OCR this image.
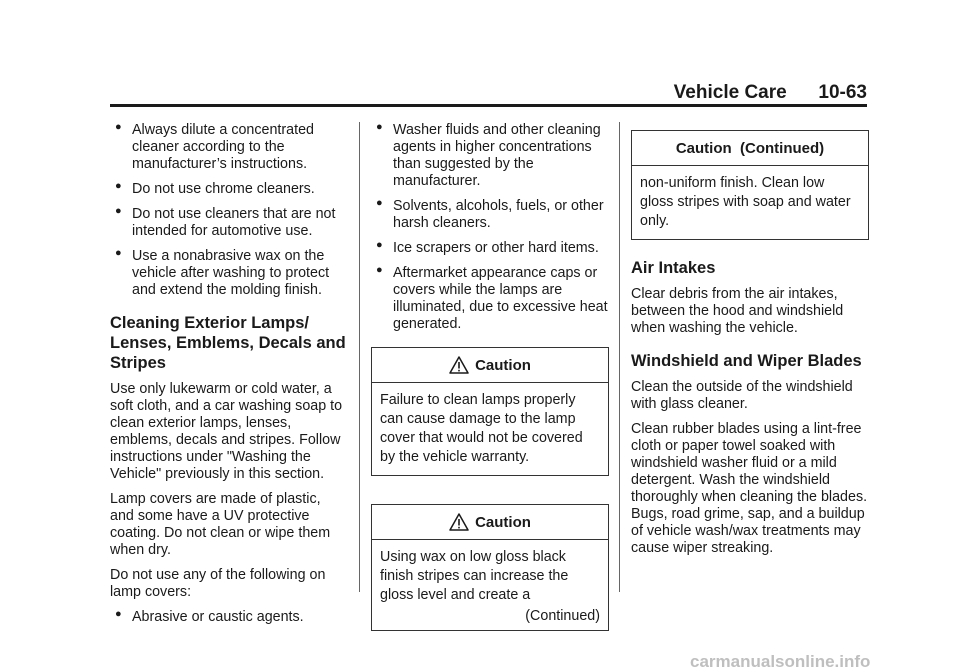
Vehicle Care 10-63
● Always dilute a concentrated cleaner according to the manufacturer’s instructions.
● Do not use chrome cleaners.
● Do not use cleaners that are not intended for automotive use.
● Use a nonabrasive wax on the vehicle after washing to protect and extend the molding finish.
Cleaning Exterior Lamps/ Lenses, Emblems, Decals and Stripes

Use only lukewarm or cold water, a soft cloth, and a car washing soap to clean exterior lamps, lenses, emblems, decals and stripes. Follow instructions under "Washing the Vehicle" previously in this section.

Lamp covers are made of plastic, and some have a UV protective coating. Do not clean or wipe them when dry.

Do not use any of the following on lamp covers:

● Abrasive or caustic agents.
● Washer fluids and other cleaning agents in higher concentrations than suggested by the manufacturer.
● Solvents, alcohols, fuels, or other harsh cleaners.
● Ice scrapers or other hard items.
● Aftermarket appearance caps or covers while the lamps are illuminated, due to excessive heat generated.
Caution
Failure to clean lamps properly can cause damage to the lamp cover that would not be covered by the vehicle warranty.
Caution
Using wax on low gloss black finish stripes can increase the gloss level and create a
(Continued)
Caution  (Continued)
non-uniform finish. Clean low gloss stripes with soap and water only.
Air Intakes

Clear debris from the air intakes, between the hood and windshield when washing the vehicle.

Windshield and Wiper Blades

Clean the outside of the windshield with glass cleaner.

Clean rubber blades using a lint-free cloth or paper towel soaked with windshield washer fluid or a mild detergent. Wash the windshield thoroughly when cleaning the blades. Bugs, road grime, sap, and a buildup of vehicle wash/wax treatments may cause wiper streaking.

carmanualsonline.info
